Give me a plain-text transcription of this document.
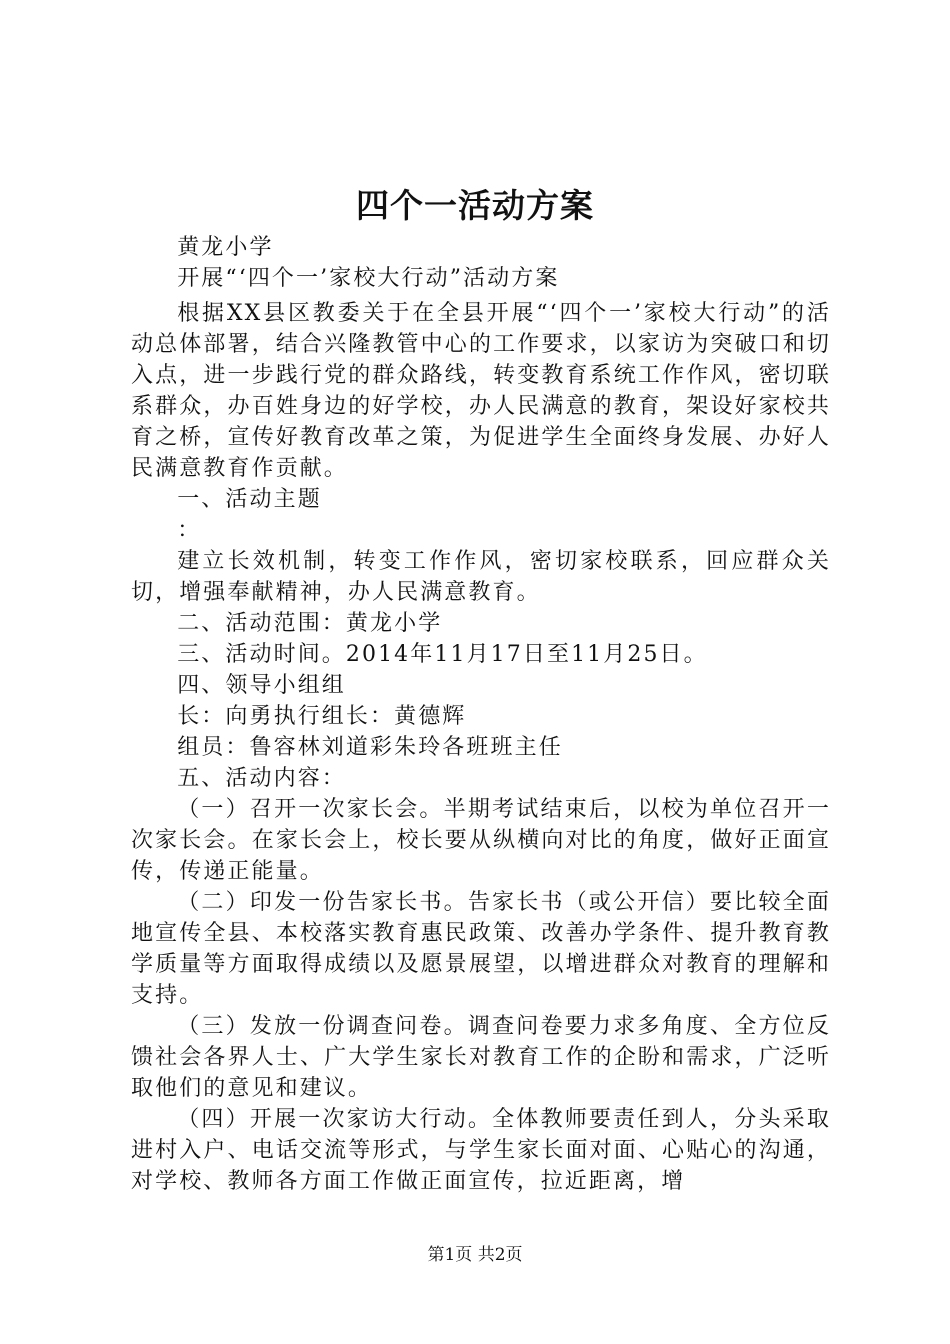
四个一活动方案

黄龙小学

开展“‘四个一’家校大行动”活动方案

根据XX县区教委关于在全县开展“‘四个一’家校大行动”的活动总体部署，结合兴隆教管中心的工作要求，以家访为突破口和切入点，进一步践行党的群众路线，转变教育系统工作作风，密切联系群众，办百姓身边的好学校，办人民满意的教育，架设好家校共育之桥，宣传好教育改革之策，为促进学生全面终身发展、办好人民满意教育作贡献。

一、活动主题

：

建立长效机制，转变工作作风，密切家校联系，回应群众关切，增强奉献精神，办人民满意教育。

二、活动范围：黄龙小学

三、活动时间。2014年11月17日至11月25日。

四、领导小组组

长：向勇执行组长：黄德辉

组员：鲁容林刘道彩朱玲各班班主任

五、活动内容：

（一）召开一次家长会。半期考试结束后，以校为单位召开一次家长会。在家长会上，校长要从纵横向对比的角度，做好正面宣传，传递正能量。

（二）印发一份告家长书。告家长书（或公开信）要比较全面地宣传全县、本校落实教育惠民政策、改善办学条件、提升教育教学质量等方面取得成绩以及愿景展望，以增进群众对教育的理解和支持。

（三）发放一份调查问卷。调查问卷要力求多角度、全方位反馈社会各界人士、广大学生家长对教育工作的企盼和需求，广泛听取他们的意见和建议。

（四）开展一次家访大行动。全体教师要责任到人，分头采取进村入户、电话交流等形式，与学生家长面对面、心贴心的沟通，对学校、教师各方面工作做正面宣传，拉近距离，增

第1页 共2页
